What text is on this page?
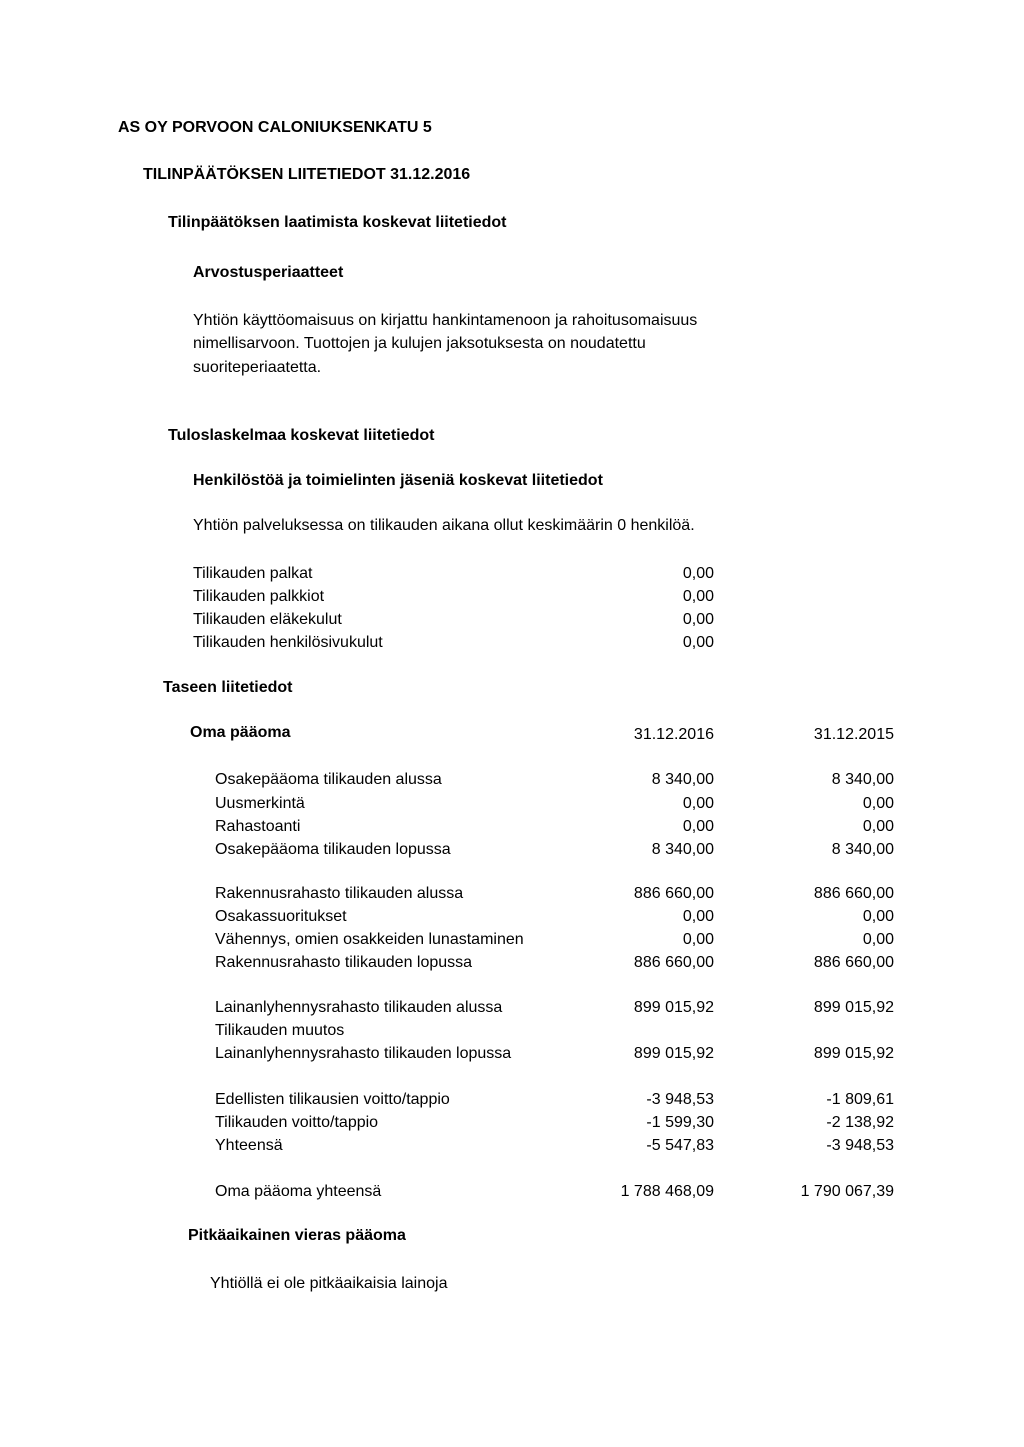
AS OY PORVOON CALONIUKSENKATU 5
TILINPÄÄTÖKSEN LIITETIEDOT 31.12.2016
Tilinpäätöksen laatimista koskevat liitetiedot
Arvostusperiaatteet
Yhtiön käyttöomaisuus on kirjattu hankintamenoon ja rahoitusomaisuus
nimellisarvoon. Tuottojen ja kulujen jaksotuksesta on noudatettu
suoriteperiaatetta.
Tuloslaskelmaa koskevat liitetiedot
Henkilöstöä ja toimielinten jäseniä koskevat liitetiedot
Yhtiön palveluksessa on tilikauden aikana ollut keskimäärin 0 henkilöä.
Tilikauden palkat	0,00
Tilikauden palkkiot	0,00
Tilikauden eläkekulut	0,00
Tilikauden henkilösivukulut	0,00
Taseen liitetiedot
Oma pääoma	31.12.2016	31.12.2015
Osakepääoma tilikauden alussa	8 340,00	8 340,00
Uusmerkintä	0,00	0,00
Rahastoanti	0,00	0,00
Osakepääoma tilikauden lopussa	8 340,00	8 340,00
Rakennusrahasto tilikauden alussa	886 660,00	886 660,00
Osakassuoritukset	0,00	0,00
Vähennys, omien osakkeiden lunastaminen	0,00	0,00
Rakennusrahasto tilikauden lopussa	886 660,00	886 660,00
Lainanlyhennysrahasto tilikauden alussa	899 015,92	899 015,92
Tilikauden muutos
Lainanlyhennysrahasto tilikauden lopussa	899 015,92	899 015,92
Edellisten tilikausien voitto/tappio	-3 948,53	-1 809,61
Tilikauden voitto/tappio	-1 599,30	-2 138,92
Yhteensä	-5 547,83	-3 948,53
Oma pääoma yhteensä	1 788 468,09	1 790 067,39
Pitkäaikainen vieras pääoma
Yhtiöllä ei ole pitkäaikaisia lainoja
